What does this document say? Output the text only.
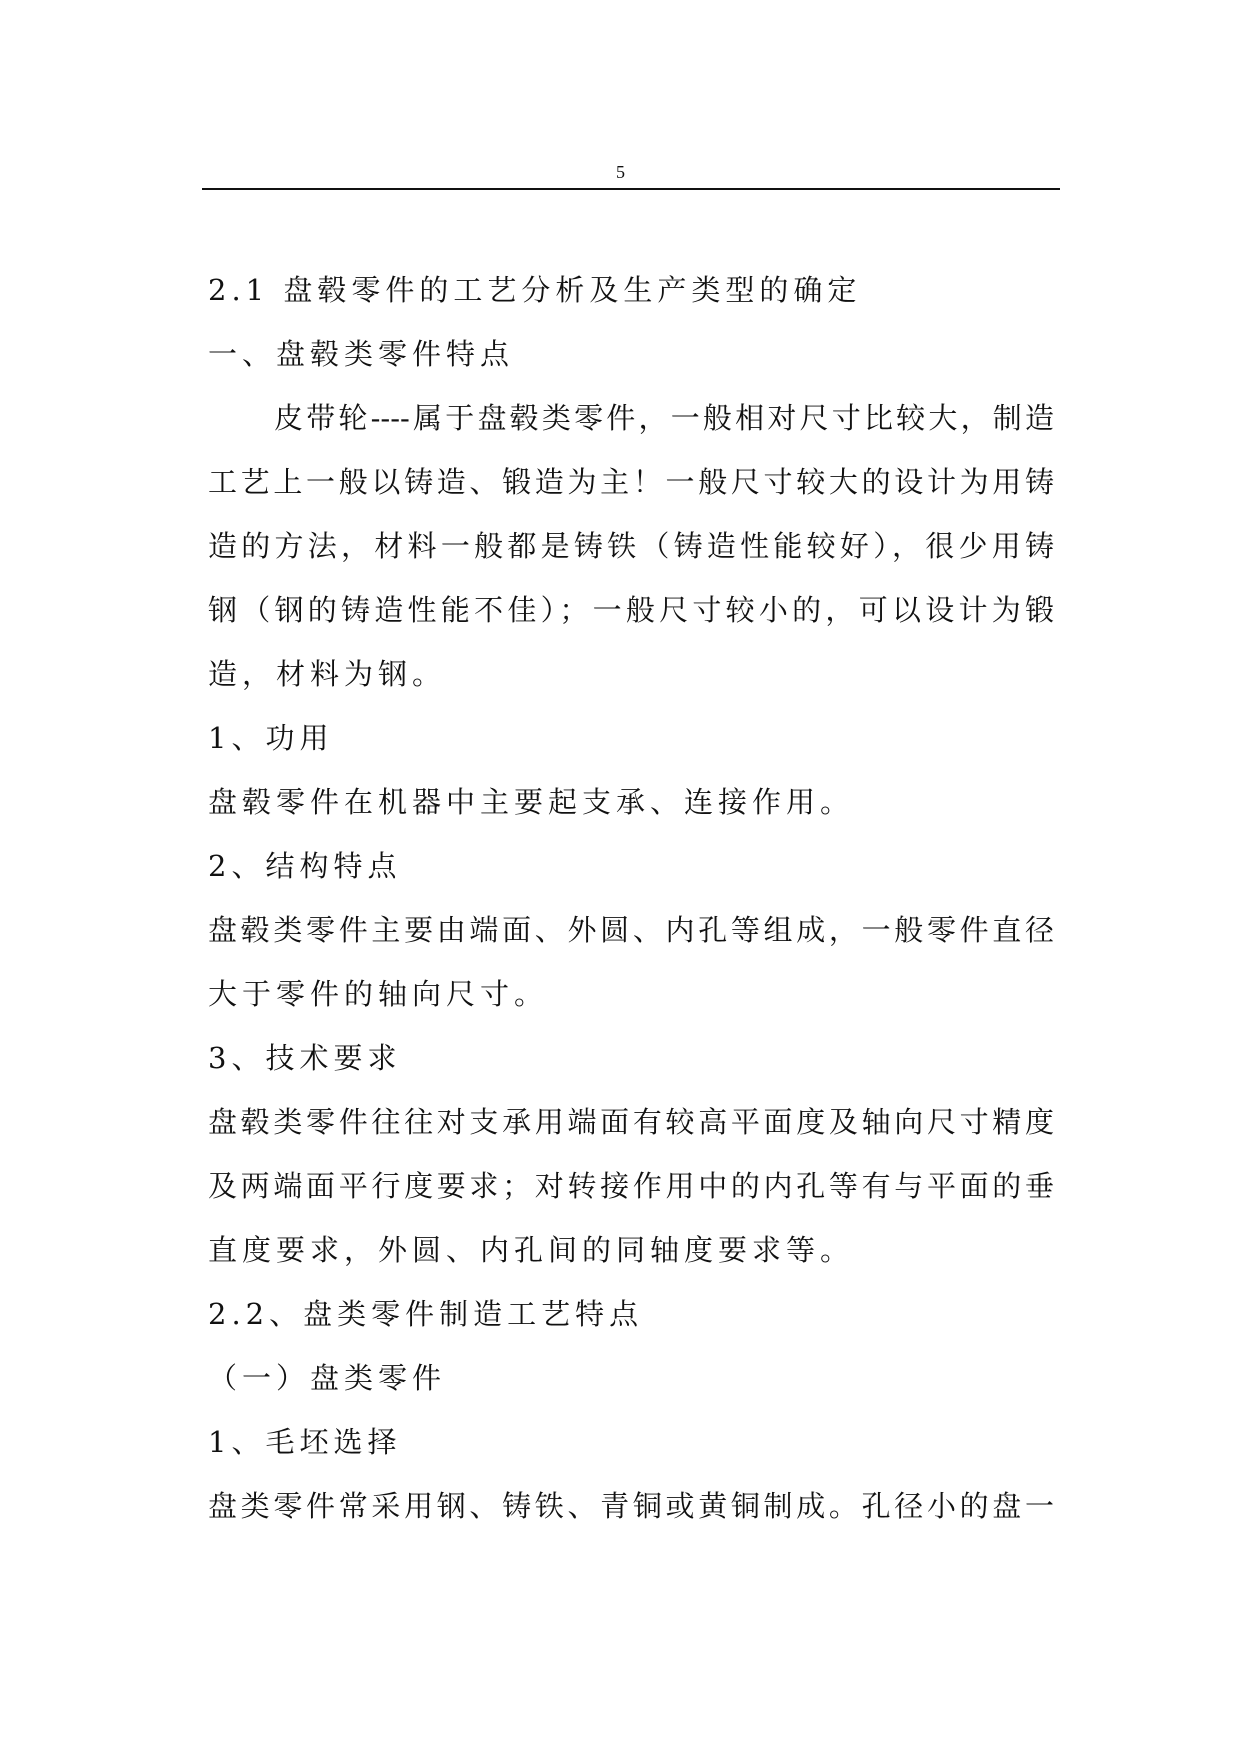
5
2.1 盘毂零件的工艺分析及生产类型的确定
一、盘毂类零件特点
皮带轮----属于盘毂类零件，一般相对尺寸比较大，制造
工艺上一般以铸造、锻造为主！一般尺寸较大的设计为用铸
造的方法，材料一般都是铸铁（铸造性能较好），很少用铸
钢（钢的铸造性能不佳）；一般尺寸较小的，可以设计为锻
造，材料为钢。
1、功用
盘毂零件在机器中主要起支承、连接作用。
2、结构特点
盘毂类零件主要由端面、外圆、内孔等组成，一般零件直径
大于零件的轴向尺寸。
3、技术要求
盘毂类零件往往对支承用端面有较高平面度及轴向尺寸精度
及两端面平行度要求；对转接作用中的内孔等有与平面的垂
直度要求，外圆、内孔间的同轴度要求等。
2.2、盘类零件制造工艺特点
（一）盘类零件
1、毛坯选择
盘类零件常采用钢、铸铁、青铜或黄铜制成。孔径小的盘一
